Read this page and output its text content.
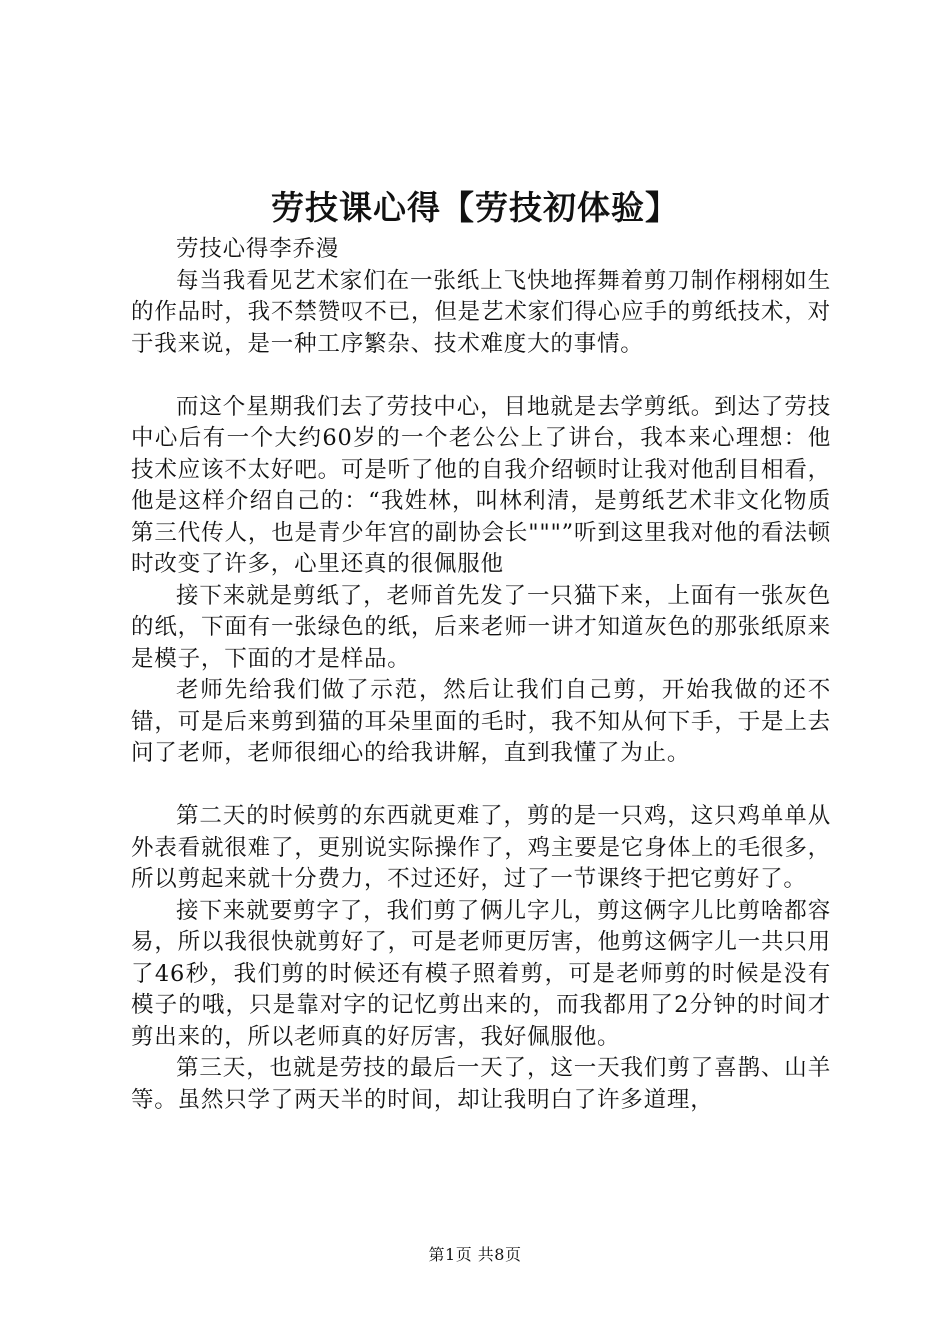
劳技课心得【劳技初体验】

劳技心得李乔漫

每当我看见艺术家们在一张纸上飞快地挥舞着剪刀制作栩栩如生的作品时，我不禁赞叹不已，但是艺术家们得心应手的剪纸技术，对于我来说，是一种工序繁杂、技术难度大的事情。

而这个星期我们去了劳技中心，目地就是去学剪纸。到达了劳技中心后有一个大约60岁的一个老公公上了讲台，我本来心理想：他技术应该不太好吧。可是听了他的自我介绍顿时让我对他刮目相看，他是这样介绍自己的：“我姓林，叫林利清，是剪纸艺术非文化物质第三代传人，也是青少年宫的副协会长"""”听到这里我对他的看法顿时改变了许多，心里还真的很佩服他

接下来就是剪纸了，老师首先发了一只猫下来，上面有一张灰色的纸，下面有一张绿色的纸，后来老师一讲才知道灰色的那张纸原来是模子，下面的才是样品。

老师先给我们做了示范，然后让我们自己剪，开始我做的还不错，可是后来剪到猫的耳朵里面的毛时，我不知从何下手，于是上去问了老师，老师很细心的给我讲解，直到我懂了为止。

第二天的时候剪的东西就更难了，剪的是一只鸡，这只鸡单单从外表看就很难了，更别说实际操作了，鸡主要是它身体上的毛很多，所以剪起来就十分费力，不过还好，过了一节课终于把它剪好了。

接下来就要剪字了，我们剪了俩儿字儿，剪这俩字儿比剪啥都容易，所以我很快就剪好了，可是老师更厉害，他剪这俩字儿一共只用了46秒，我们剪的时候还有模子照着剪，可是老师剪的时候是没有模子的哦，只是靠对字的记忆剪出来的，而我都用了2分钟的时间才剪出来的，所以老师真的好厉害，我好佩服他。

第三天，也就是劳技的最后一天了，这一天我们剪了喜鹊、山羊等。虽然只学了两天半的时间，却让我明白了许多道理，

第1页 共8页
